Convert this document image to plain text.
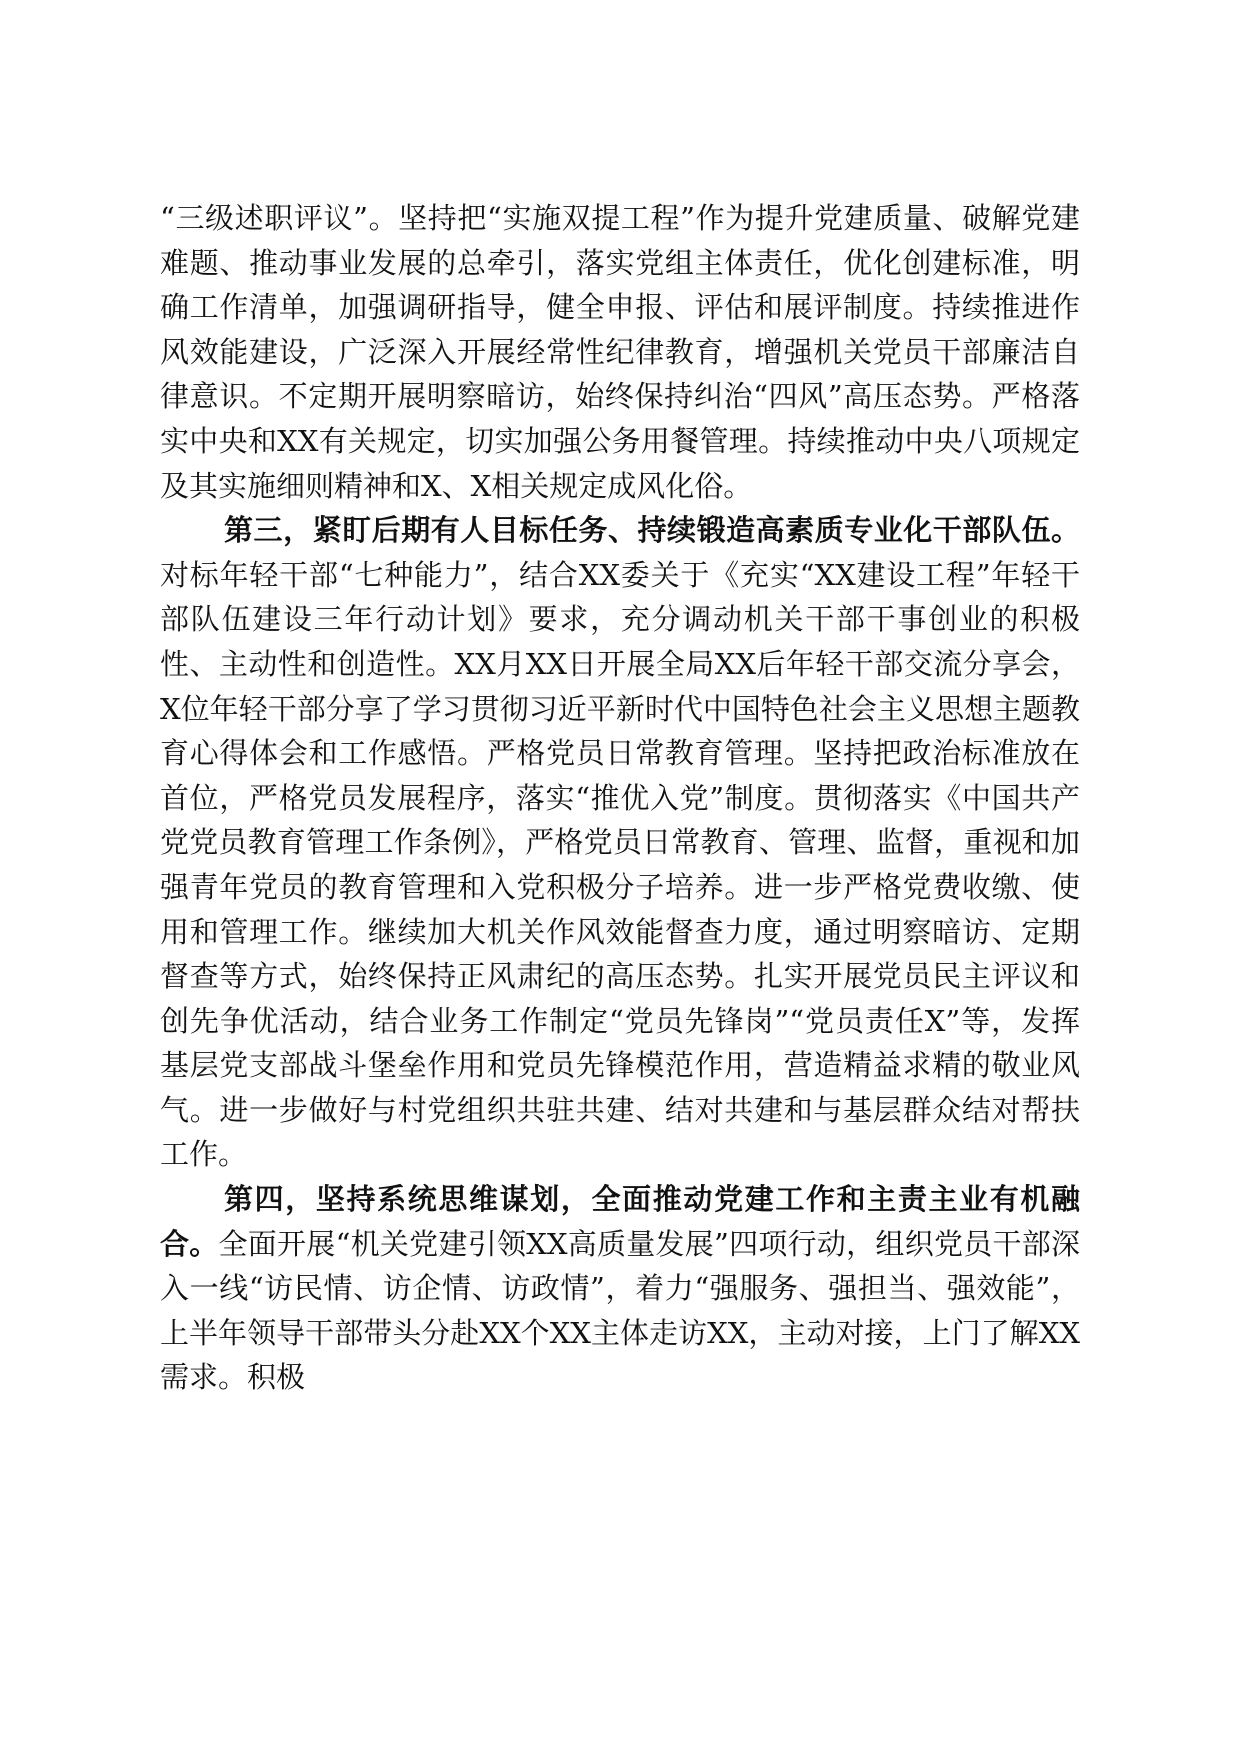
“三级述职评议”。坚持把“实施双提工程”作为提升党建质量、破解党建难题、推动事业发展的总牵引，落实党组主体责任，优化创建标准，明确工作清单，加强调研指导，健全申报、评估和展评制度。持续推进作风效能建设，广泛深入开展经常性纪律教育，增强机关党员干部廉洁自律意识。不定期开展明察暗访，始终保持纠治“四风”高压态势。严格落实中央和XX有关规定，切实加强公务用餐管理。持续推动中央八项规定及其实施细则精神和X、X相关规定成风化俗。

第三，紧盯后期有人目标任务、持续锻造高素质专业化干部队伍。对标年轻干部“七种能力”，结合XX委关于《充实“XX建设工程”年轻干部队伍建设三年行动计划》要求，充分调动机关干部干事创业的积极性、主动性和创造性。XX月XX日开展全局XX后年轻干部交流分享会，X位年轻干部分享了学习贯彻习近平新时代中国特色社会主义思想主题教育心得体会和工作感悟。严格党员日常教育管理。坚持把政治标准放在首位，严格党员发展程序，落实“推优入党”制度。贯彻落实《中国共产党党员教育管理工作条例》，严格党员日常教育、管理、监督，重视和加强青年党员的教育管理和入党积极分子培养。进一步严格党费收缴、使用和管理工作。继续加大机关作风效能督查力度，通过明察暗访、定期督查等方式，始终保持正风肃纪的高压态势。扎实开展党员民主评议和创先争优活动，结合业务工作制定“党员先锋岗”“党员责任X”等，发挥基层党支部战斗堡垒作用和党员先锋模范作用，营造精益求精的敬业风气。进一步做好与村党组织共驻共建、结对共建和与基层群众结对帮扶工作。

第四，坚持系统思维谋划，全面推动党建工作和主责主业有机融合。全面开展“机关党建引领XX高质量发展”四项行动，组织党员干部深入一线“访民情、访企情、访政情”，着力“强服务、强担当、强效能”，上半年领导干部带头分赴XX个XX主体走访XX，主动对接，上门了解XX需求。积极
